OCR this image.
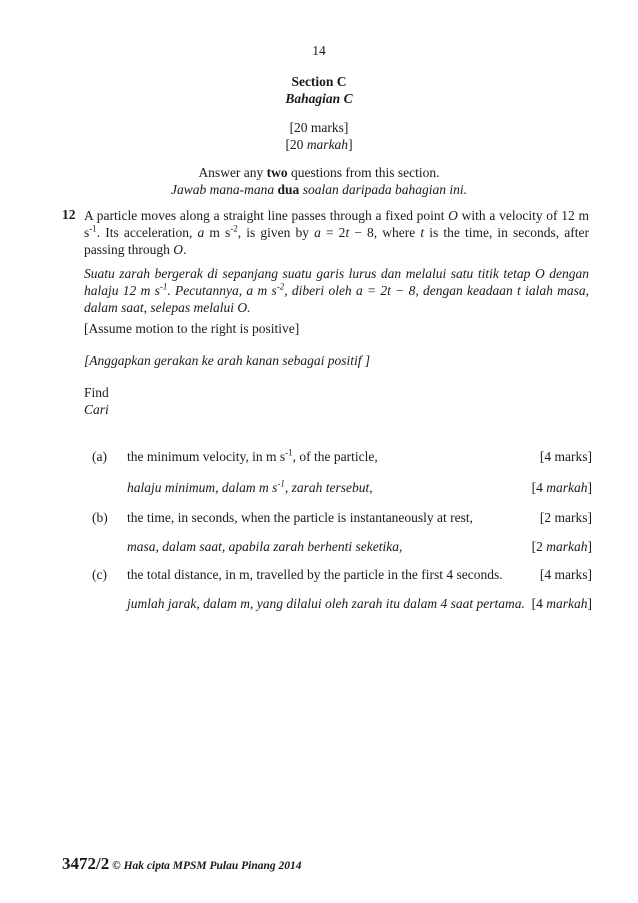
14
Section C
Bahagian C
[20 marks]
[20 markah]
Answer any two questions from this section.
Jawab mana-mana dua soalan daripada bahagian ini.
12 A particle moves along a straight line passes through a fixed point O with a velocity of 12 m $s^{-1}$. Its acceleration, a m $s^{-2}$, is given by a = 2t − 8, where t is the time, in seconds, after passing through O.
Suatu zarah bergerak di sepanjang suatu garis lurus dan melalui satu titik tetap O dengan halaju 12 m $s^{-1}$. Pecutannya, a m $s^{-2}$, diberi oleh a = 2t − 8, dengan keadaan t ialah masa, dalam saat, selepas melalui O.
[Assume motion to the right is positive]
[Anggapkan gerakan ke arah kanan sebagai positif ]
Find
Cari
(a) the minimum velocity, in m $s^{-1}$, of the particle,	[4 marks]
halaju minimum, dalam m $s^{-1}$, zarah tersebut,	[4 markah]
(b) the time, in seconds, when the particle is instantaneously at rest,	[2 marks]
masa, dalam saat, apabila zarah berhenti seketika,	[2 markah]
(c) the total distance, in m, travelled by the particle in the first 4 seconds.	[4 marks]
jumlah jarak, dalam m, yang dilalui oleh zarah itu dalam 4 saat pertama. [4 markah]
3472/2 © Hak cipta MPSM Pulau Pinang 2014
